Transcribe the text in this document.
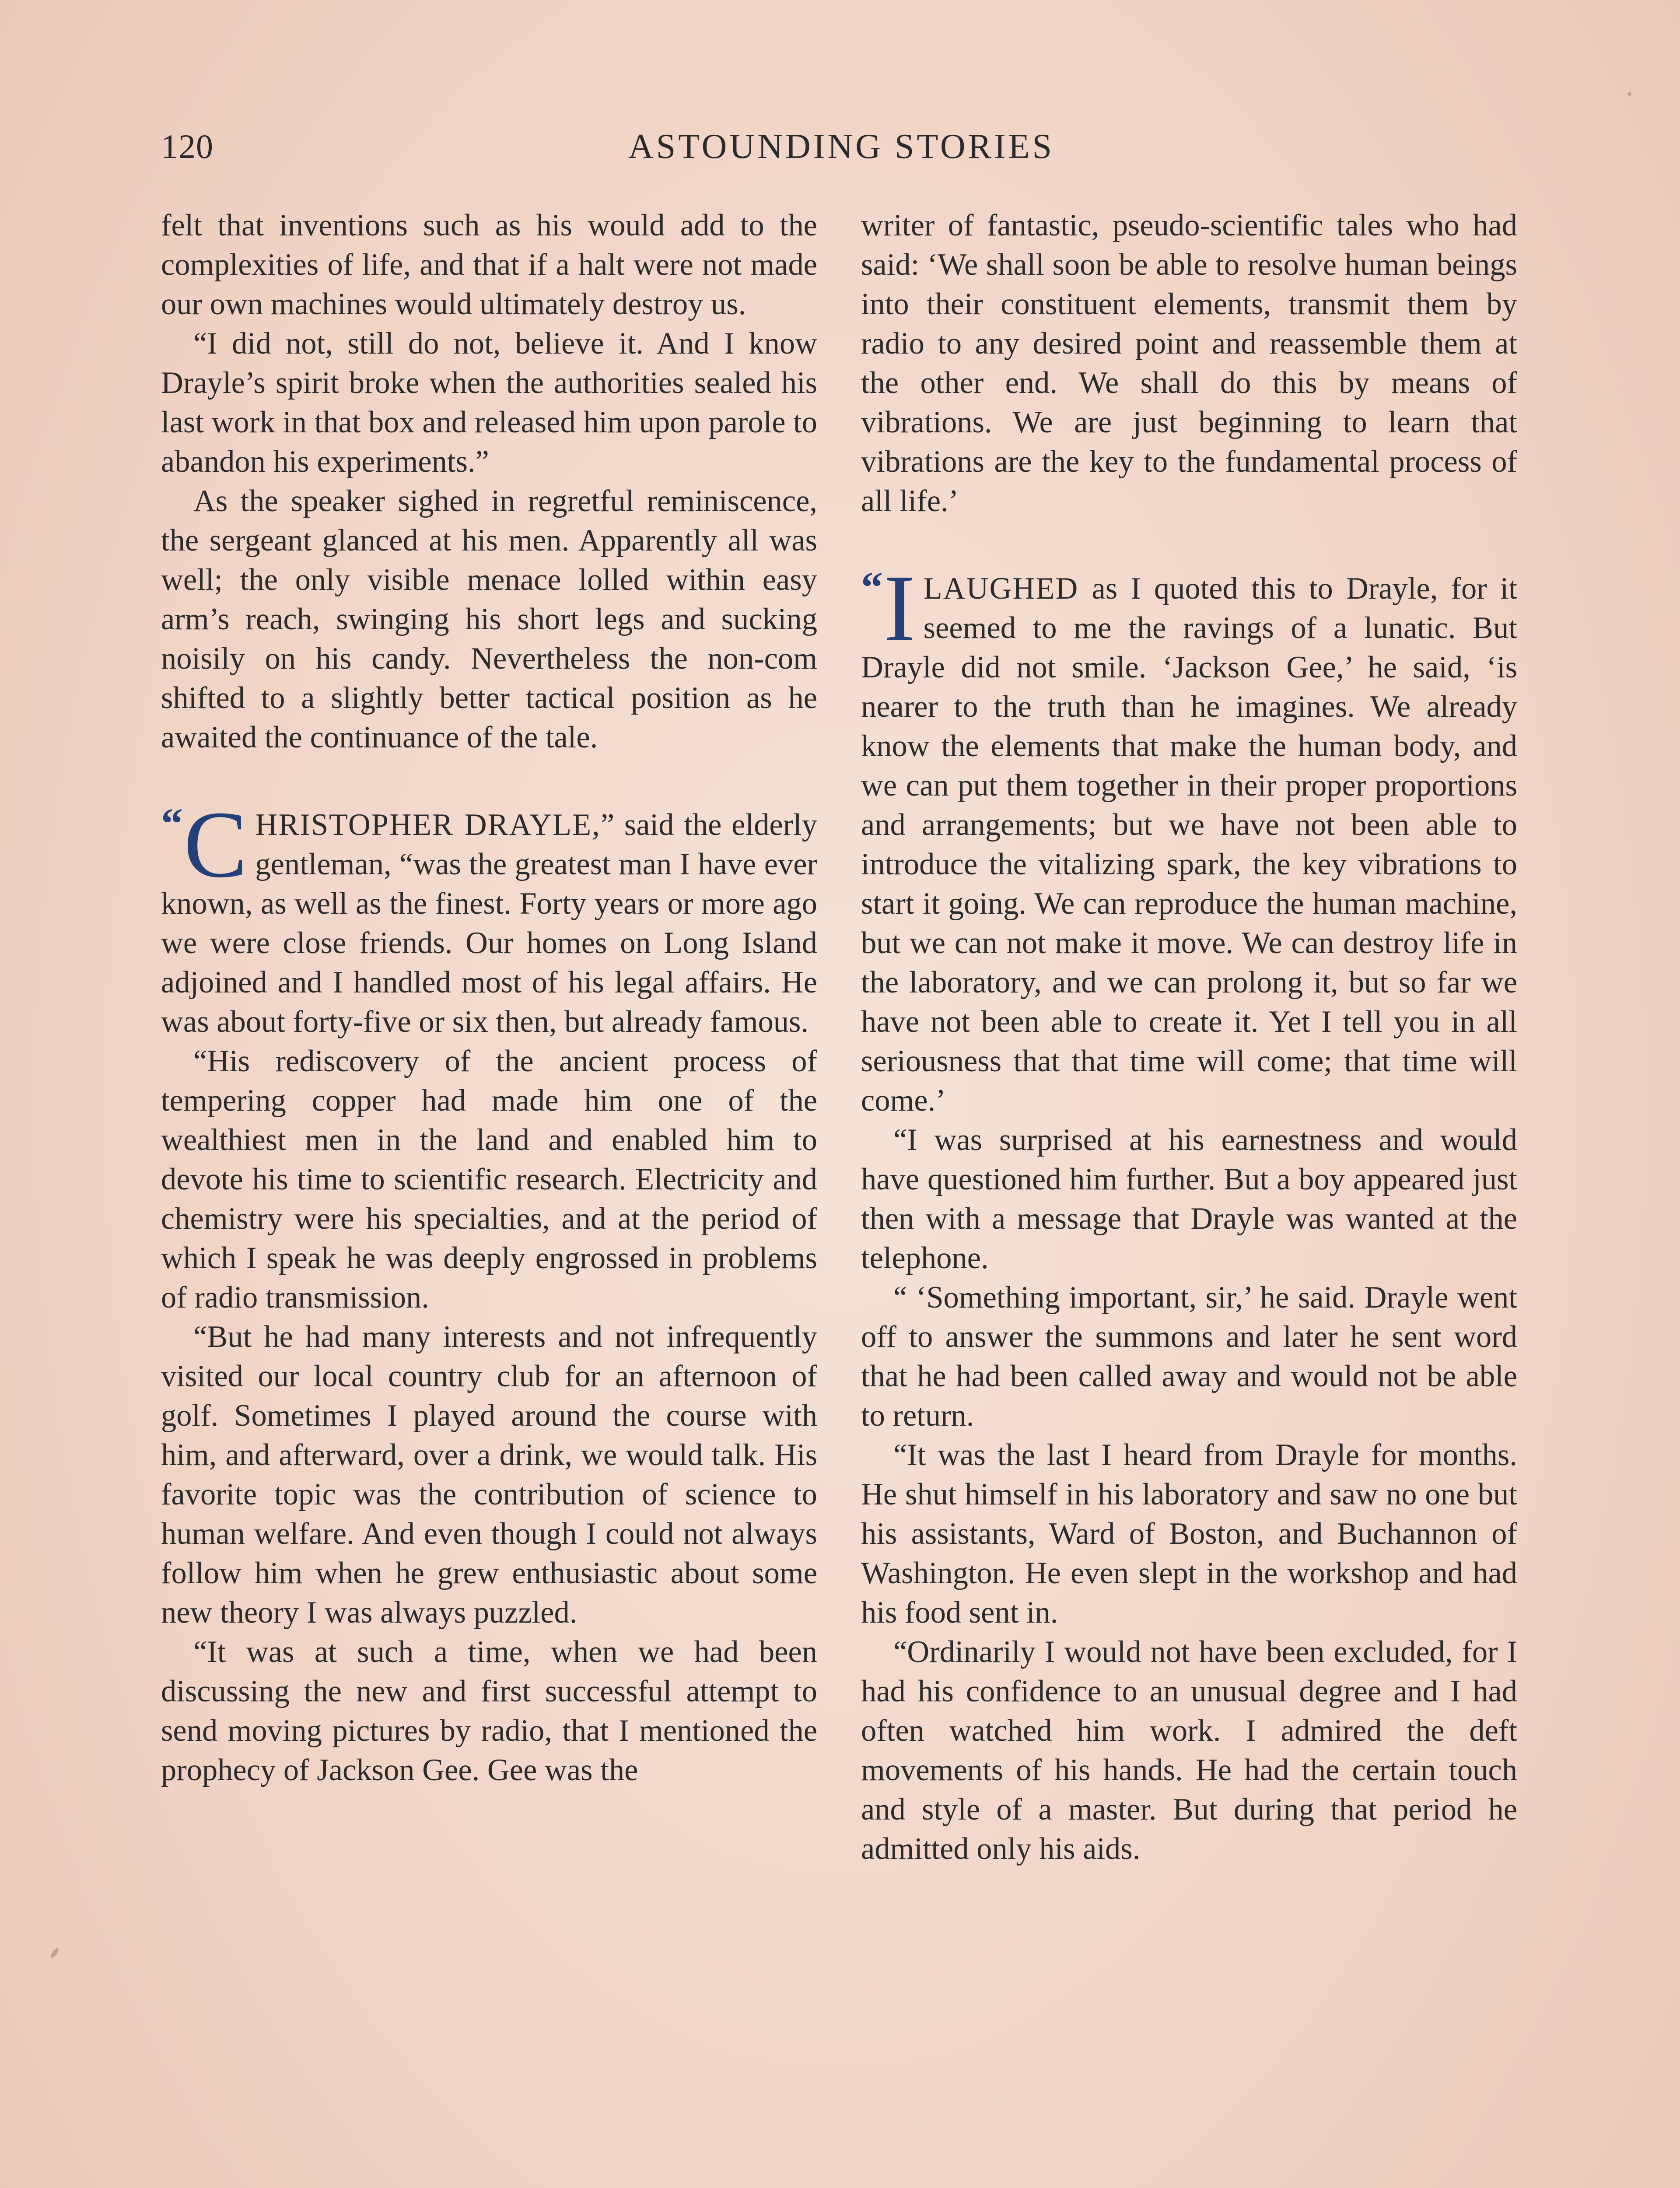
120	ASTOUNDING STORIES

felt that inventions such as his would add to the complexities of life, and that if a halt were not made our own machines would ultimately destroy us.

“I did not, still do not, believe it. And I know Drayle’s spirit broke when the authorities sealed his last work in that box and released him upon parole to abandon his experiments.”

As the speaker sighed in regretful reminiscence, the sergeant glanced at his men. Apparently all was well; the only visible menace lolled within easy arm’s reach, swinging his short legs and sucking noisily on his candy. Nevertheless the non-com shifted to a slightly better tactical position as he awaited the continuance of the tale.

“ C HRISTOPHER DRAYLE,” said the elderly gentleman, “was the greatest man I have ever known, as well as the finest. Forty years or more ago we were close friends. Our homes on Long Island adjoined and I handled most of his legal affairs. He was about forty-five or six then, but already famous.

“His rediscovery of the ancient process of tempering copper had made him one of the wealthiest men in the land and enabled him to devote his time to scientific research. Electricity and chemistry were his specialties, and at the period of which I speak he was deeply engrossed in problems of radio transmission.

“But he had many interests and not infrequently visited our local country club for an afternoon of golf. Sometimes I played around the course with him, and afterward, over a drink, we would talk. His favorite topic was the contribution of science to human welfare. And even though I could not always follow him when he grew enthusiastic about some new theory I was always puzzled.

“It was at such a time, when we had been discussing the new and first successful attempt to send moving pictures by radio, that I mentioned the prophecy of Jackson Gee. Gee was the

writer of fantastic, pseudo-scientific tales who had said: ‘We shall soon be able to resolve human beings into their constituent elements, transmit them by radio to any desired point and reassemble them at the other end. We shall do this by means of vibrations. We are just beginning to learn that vibrations are the key to the fundamental process of all life.’

“ I LAUGHED as I quoted this to Drayle, for it seemed to me the ravings of a lunatic. But Drayle did not smile. ‘Jackson Gee,’ he said, ‘is nearer to the truth than he imagines. We already know the elements that make the human body, and we can put them together in their proper proportions and arrangements; but we have not been able to introduce the vitalizing spark, the key vibrations to start it going. We can reproduce the human machine, but we can not make it move. We can destroy life in the laboratory, and we can prolong it, but so far we have not been able to create it. Yet I tell you in all seriousness that that time will come; that time will come.’

“I was surprised at his earnestness and would have questioned him further. But a boy appeared just then with a message that Drayle was wanted at the telephone.

“ ‘Something important, sir,’ he said. Drayle went off to answer the summons and later he sent word that he had been called away and would not be able to return.

“It was the last I heard from Drayle for months. He shut himself in his laboratory and saw no one but his assistants, Ward of Boston, and Buchannon of Washington. He even slept in the workshop and had his food sent in.

“Ordinarily I would not have been excluded, for I had his confidence to an unusual degree and I had often watched him work. I admired the deft movements of his hands. He had the certain touch and style of a master. But during that period he admitted only his aids.
